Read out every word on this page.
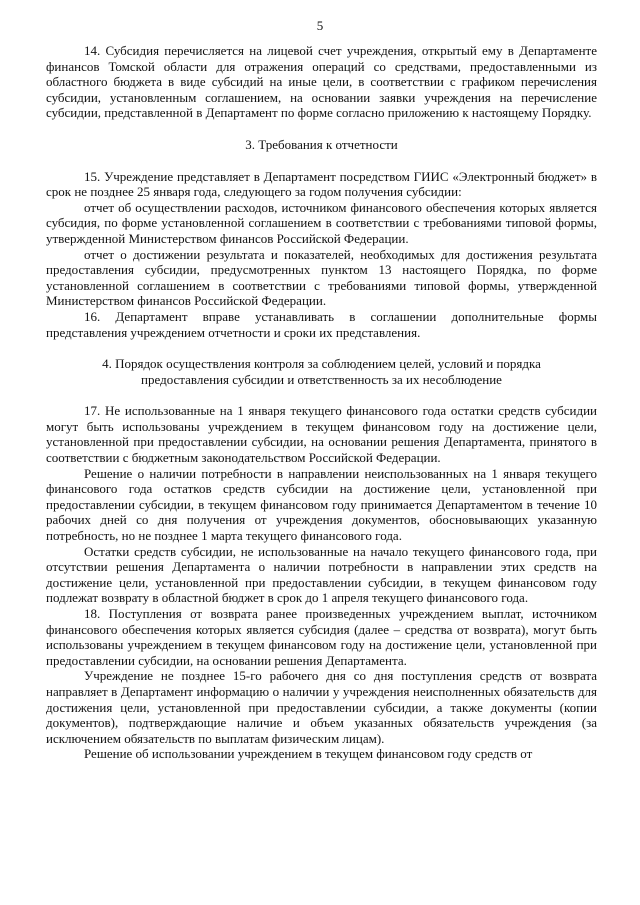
5

14. Субсидия перечисляется на лицевой счет учреждения, открытый ему в Департаменте финансов Томской области для отражения операций со средствами, предоставленными из областного бюджета в виде субсидий на иные цели, в соответствии с графиком перечисления субсидии, установленным соглашением, на основании заявки учреждения на перечисление субсидии, представленной в Департамент по форме согласно приложению к настоящему Порядку.

3. Требования к отчетности

15. Учреждение представляет в Департамент посредством ГИИС «Электронный бюджет» в срок не позднее 25 января года, следующего за годом получения субсидии:

отчет об осуществлении расходов, источником финансового обеспечения которых является субсидия, по форме установленной соглашением в соответствии с требованиями типовой формы, утвержденной Министерством финансов Российской Федерации.

отчет о достижении результата и показателей, необходимых для достижения результата предоставления субсидии, предусмотренных пунктом 13 настоящего Порядка, по форме установленной соглашением в соответствии с требованиями типовой формы, утвержденной Министерством финансов Российской Федерации.

16. Департамент вправе устанавливать в соглашении дополнительные формы представления учреждением отчетности и сроки их представления.

4. Порядок осуществления контроля за соблюдением целей, условий и порядка
предоставления субсидии и ответственность за их несоблюдение

17. Не использованные на 1 января текущего финансового года остатки средств субсидии могут быть использованы учреждением в текущем финансовом году на достижение цели, установленной при предоставлении субсидии, на основании решения Департамента, принятого в соответствии с бюджетным законодательством Российской Федерации.

Решение о наличии потребности в направлении неиспользованных на 1 января текущего финансового года остатков средств субсидии на достижение цели, установленной при предоставлении субсидии, в текущем финансовом году принимается Департаментом в течение 10 рабочих дней со дня получения от учреждения документов, обосновывающих указанную потребность, но не позднее 1 марта текущего финансового года.

Остатки средств субсидии, не использованные на начало текущего финансового года, при отсутствии решения Департамента о наличии потребности в направлении этих средств на достижение цели, установленной при предоставлении субсидии, в текущем финансовом году подлежат возврату в областной бюджет в срок до 1 апреля текущего финансового года.

18. Поступления от возврата ранее произведенных учреждением выплат, источником финансового обеспечения которых является субсидия (далее – средства от возврата), могут быть использованы учреждением в текущем финансовом году на достижение цели, установленной при предоставлении субсидии, на основании решения Департамента.

Учреждение не позднее 15-го рабочего дня со дня поступления средств от возврата направляет в Департамент информацию о наличии у учреждения неисполненных обязательств для достижения цели, установленной при предоставлении субсидии, а также документы (копии документов), подтверждающие наличие и объем указанных обязательств учреждения (за исключением обязательств по выплатам физическим лицам).

Решение об использовании учреждением в текущем финансовом году средств от
